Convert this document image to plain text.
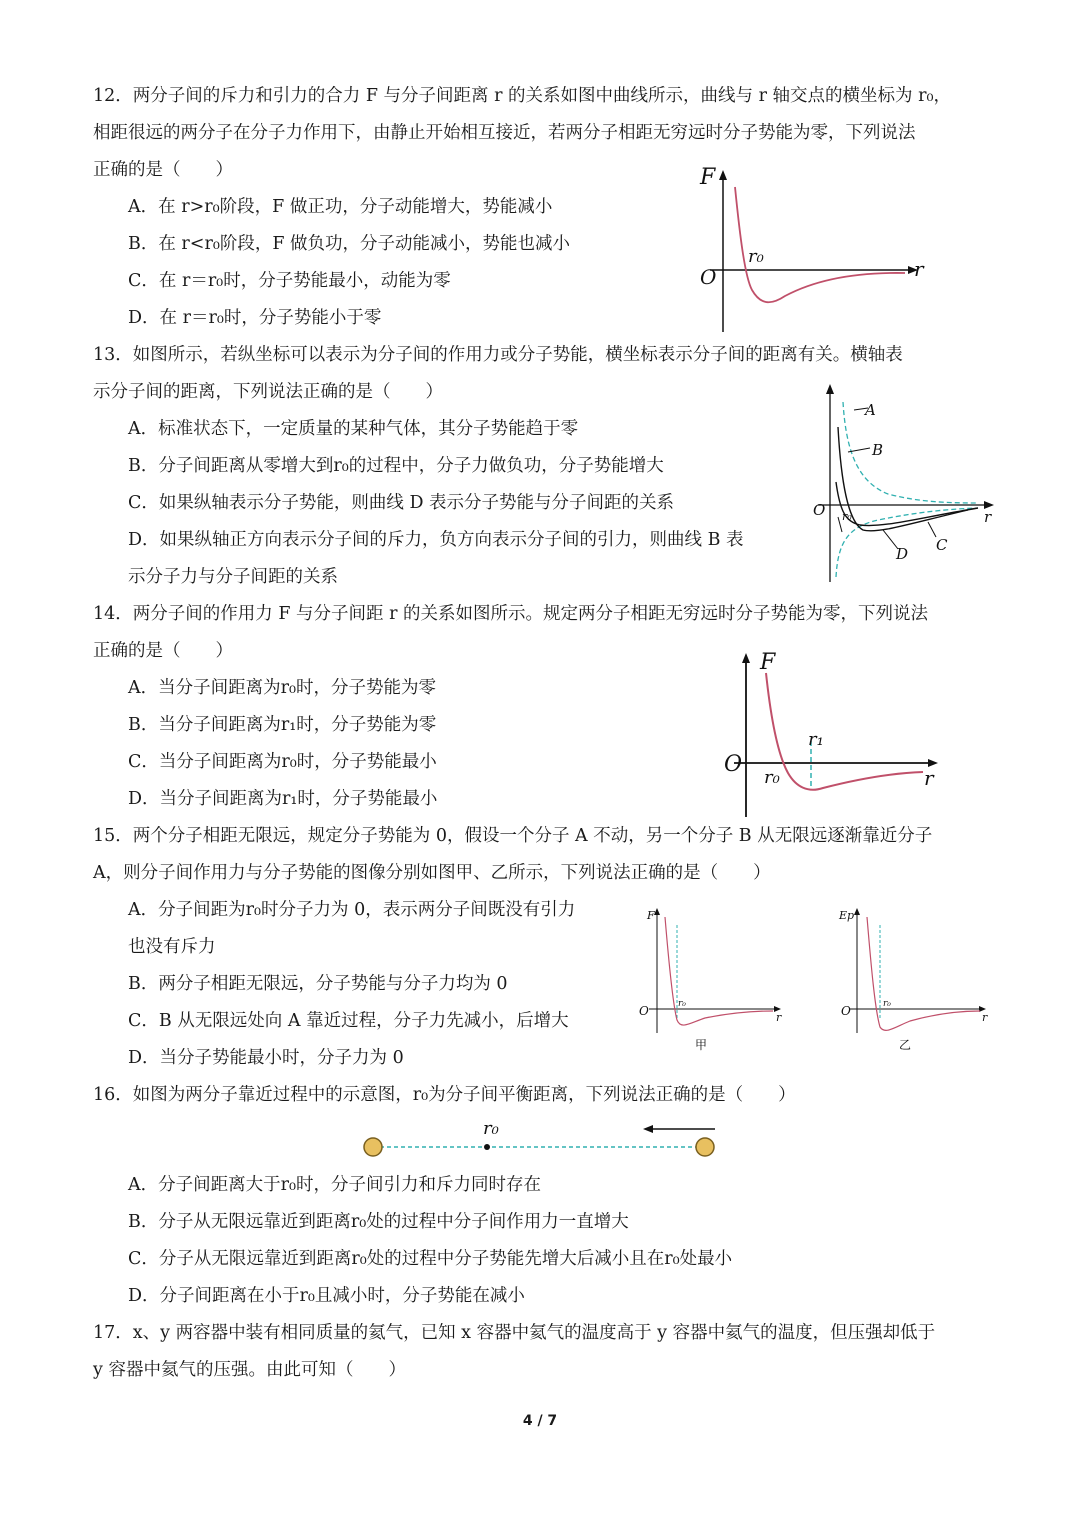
12．两分子间的斥力和引力的合力 F 与分子间距离 r 的关系如图中曲线所示，曲线与 r 轴交点的横坐标为 r₀，
相距很远的两分子在分子力作用下，由静止开始相互接近，若两分子相距无穷远时分子势能为零，下列说法
正确的是（　　）
A．在 r>r₀阶段，F 做正功，分子动能增大，势能减小
B．在 r<r₀阶段，F 做负功，分子动能减小，势能也减小
C．在 r＝r₀时，分子势能最小，动能为零
D．在 r＝r₀时，分子势能小于零
F
r
O
r₀
13．如图所示，若纵坐标可以表示为分子间的作用力或分子势能，横坐标表示分子间的距离有关。横轴表
示分子间的距离，下列说法正确的是（　　）
A．标准状态下，一定质量的某种气体，其分子势能趋于零
B．分子间距离从零增大到r₀的过程中，分子力做负功，分子势能增大
C．如果纵轴表示分子势能，则曲线 D 表示分子势能与分子间距的关系
D．如果纵轴正方向表示分子间的斥力，负方向表示分子间的引力，则曲线 B 表
示分子力与分子间距的关系
A
B
C
D
O	r
r₀
14．两分子间的作用力 F 与分子间距 r 的关系如图所示。规定两分子相距无穷远时分子势能为零，下列说法
正确的是（　　）
A．当分子间距离为r₀时，分子势能为零
B．当分子间距离为r₁时，分子势能为零
C．当分子间距离为r₀时，分子势能最小
D．当分子间距离为r₁时，分子势能最小
F
r
O
r₀
r₁
15．两个分子相距无限远，规定分子势能为 0，假设一个分子 A 不动，另一个分子 B 从无限远逐渐靠近分子
A，则分子间作用力与分子势能的图像分别如图甲、乙所示，下列说法正确的是（　　）
A．分子间距为r₀时分子力为 0，表示两分子间既没有引力
也没有斥力
B．两分子相距无限远，分子势能与分子力均为 0
C．B 从无限远处向 A 靠近过程，分子力先减小，后增大
D．当分子势能最小时，分子力为 0
F
r
O	r₀
甲
Ep
r
O	r₀
乙
16．如图为两分子靠近过程中的示意图，r₀为分子间平衡距离，下列说法正确的是（　　）
r₀
A．分子间距离大于r₀时，分子间引力和斥力同时存在
B．分子从无限远靠近到距离r₀处的过程中分子间作用力一直增大
C．分子从无限远靠近到距离r₀处的过程中分子势能先增大后减小且在r₀处最小
D．分子间距离在小于r₀且减小时，分子势能在减小
17．x、y 两容器中装有相同质量的氦气，已知 x 容器中氦气的温度高于 y 容器中氦气的温度，但压强却低于
y 容器中氦气的压强。由此可知（　　）
4 / 7
